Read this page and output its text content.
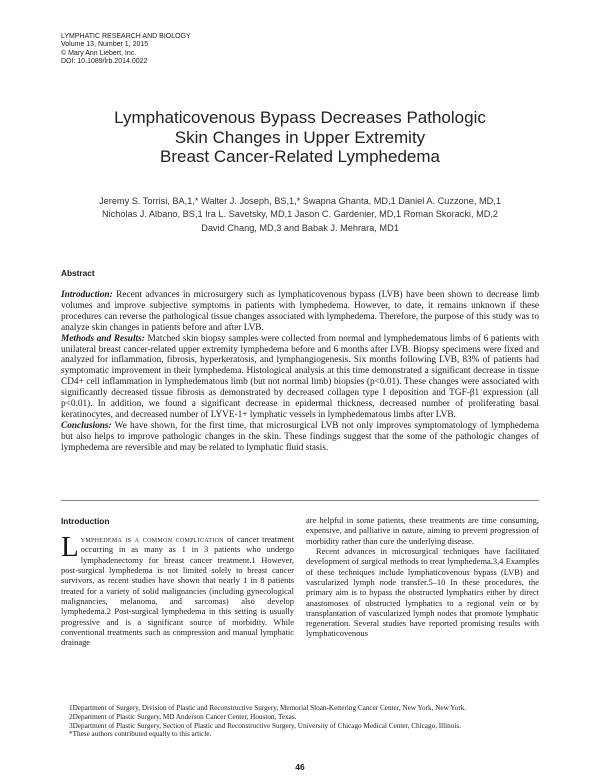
LYMPHATIC RESEARCH AND BIOLOGY
Volume 13, Number 1, 2015
© Mary Ann Liebert, Inc.
DOI: 10.1089/lrb.2014.0022
Lymphaticovenous Bypass Decreases Pathologic
Skin Changes in Upper Extremity
Breast Cancer-Related Lymphedema
Jeremy S. Torrisi, BA,1,* Walter J. Joseph, BS,1,* Swapna Ghanta, MD,1 Daniel A. Cuzzone, MD,1
Nicholas J. Albano, BS,1 Ira L. Savetsky, MD,1 Jason C. Gardenier, MD,1 Roman Skoracki, MD,2
David Chang, MD,3 and Babak J. Mehrara, MD1
Abstract

Introduction: Recent advances in microsurgery such as lymphaticovenous bypass (LVB) have been shown to decrease limb volumes and improve subjective symptoms in patients with lymphedema. However, to date, it remains unknown if these procedures can reverse the pathological tissue changes associated with lymphedema. Therefore, the purpose of this study was to analyze skin changes in patients before and after LVB.

Methods and Results: Matched skin biopsy samples were collected from normal and lymphedematous limbs of 6 patients with unilateral breast cancer-related upper extremity lymphedema before and 6 months after LVB. Biopsy specimens were fixed and analyzed for inflammation, fibrosis, hyperkeratosis, and lymphangiogenesis. Six months following LVB, 83% of patients had symptomatic improvement in their lymphedema. Histological analysis at this time demonstrated a significant decrease in tissue CD4+ cell inflammation in lymphedematous limb (but not normal limb) biopsies (p<0.01). These changes were associated with significantly decreased tissue fibrosis as demonstrated by decreased collagen type I deposition and TGF-β1 expression (all p<0.01). In addition, we found a significant decrease in epidermal thickness, decreased number of proliferating basal keratinocytes, and decreased number of LYVE-1+ lymphatic vessels in lymphedematous limbs after LVB.

Conclusions: We have shown, for the first time, that microsurgical LVB not only improves symptomatology of lymphedema but also helps to improve pathologic changes in the skin. These findings suggest that the some of the pathologic changes of lymphedema are reversible and may be related to lymphatic fluid stasis.

Introduction

Lymphedema is a common complication of cancer treatment occurring in as many as 1 in 3 patients who undergo lymphadenectomy for breast cancer treatment.1 However, post-surgical lymphedema is not limited solely to breast cancer survivors, as recent studies have shown that nearly 1 in 8 patients treated for a variety of solid malignancies (including gynecological malignancies, melanoma, and sarcomas) also develop lymphedema.2 Post-surgical lymphedema in this setting is usually progressive and is a significant source of morbidity. While conventional treatments such as compression and manual lymphatic drainage

are helpful in some patients, these treatments are time consuming, expensive, and palliative in nature, aiming to prevent progression of morbidity rather than cure the underlying disease.

Recent advances in microsurgical techniques have facilitated development of surgical methods to treat lymphedema.3,4 Examples of these techniques include lymphaticovenous bypass (LVB) and vascularized lymph node transfer.5–10 In these procedures, the primary aim is to bypass the obstructed lymphatics either by direct anastomoses of obstructed lymphatics to a regional vein or by transplantation of vascularized lymph nodes that promote lymphatic regeneration. Several studies have reported promising results with lymphaticovenous

1Department of Surgery, Division of Plastic and Reconstructive Surgery, Memorial Sloan-Kettering Cancer Center, New York, New York.
2Department of Plastic Surgery, MD Anderson Cancer Center, Houston, Texas.
3Department of Plastic Surgery, Section of Plastic and Reconstructive Surgery, University of Chicago Medical Center, Chicago, Illinois.
*These authors contributed equally to this article.
46
